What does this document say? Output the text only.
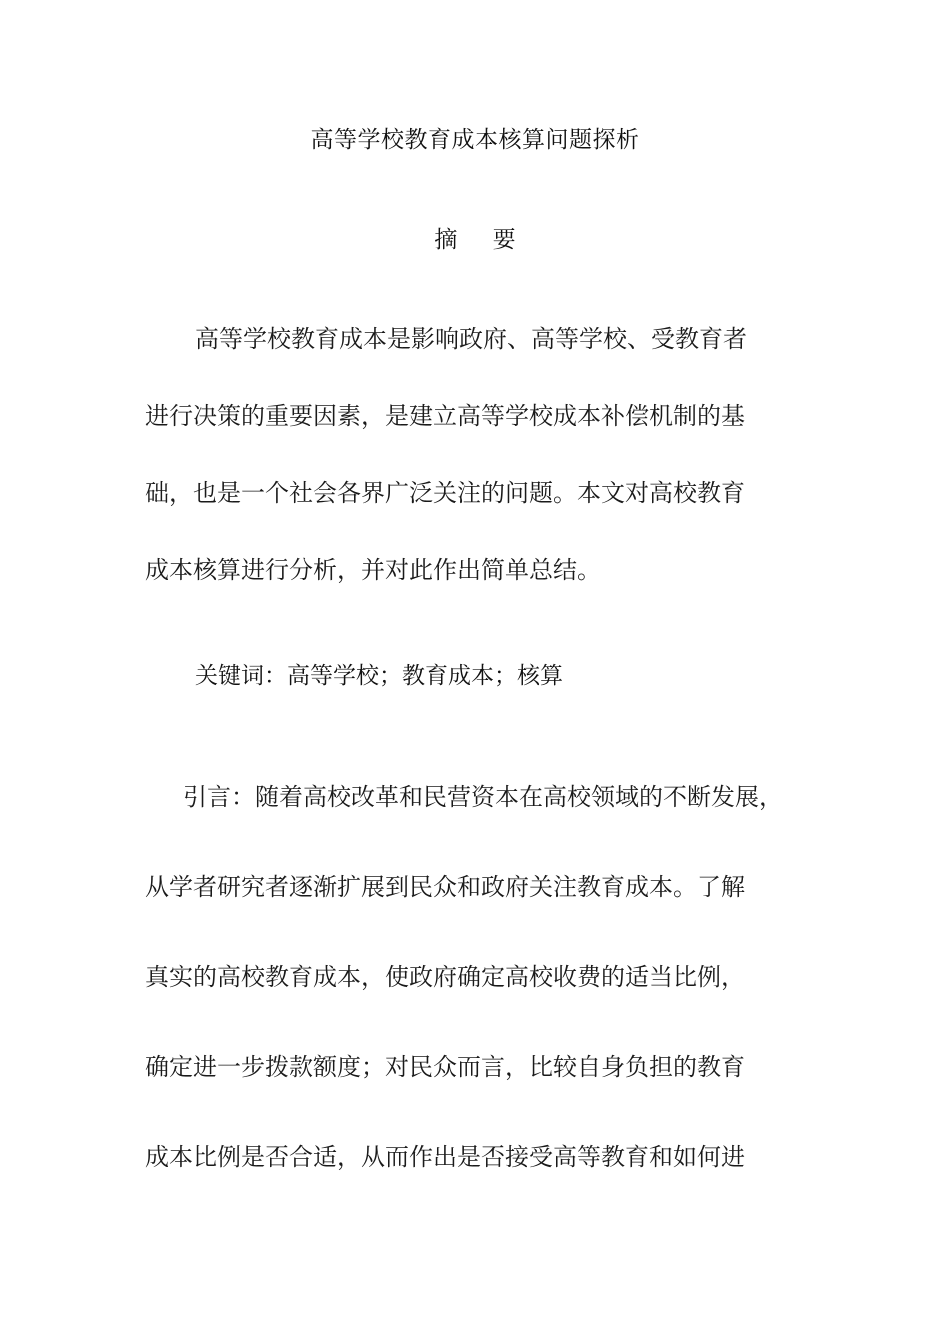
高等学校教育成本核算问题探析
摘 要
高等学校教育成本是影响政府、高等学校、受教育者
进行决策的重要因素，是建立高等学校成本补偿机制的基
础，也是一个社会各界广泛关注的问题。本文对高校教育
成本核算进行分析，并对此作出简单总结。
关键词：高等学校；教育成本；核算
引言：随着高校改革和民营资本在高校领域的不断发展，
从学者研究者逐渐扩展到民众和政府关注教育成本。了解
真实的高校教育成本，使政府确定高校收费的适当比例，
确定进一步拨款额度；对民众而言，比较自身负担的教育
成本比例是否合适，从而作出是否接受高等教育和如何进
